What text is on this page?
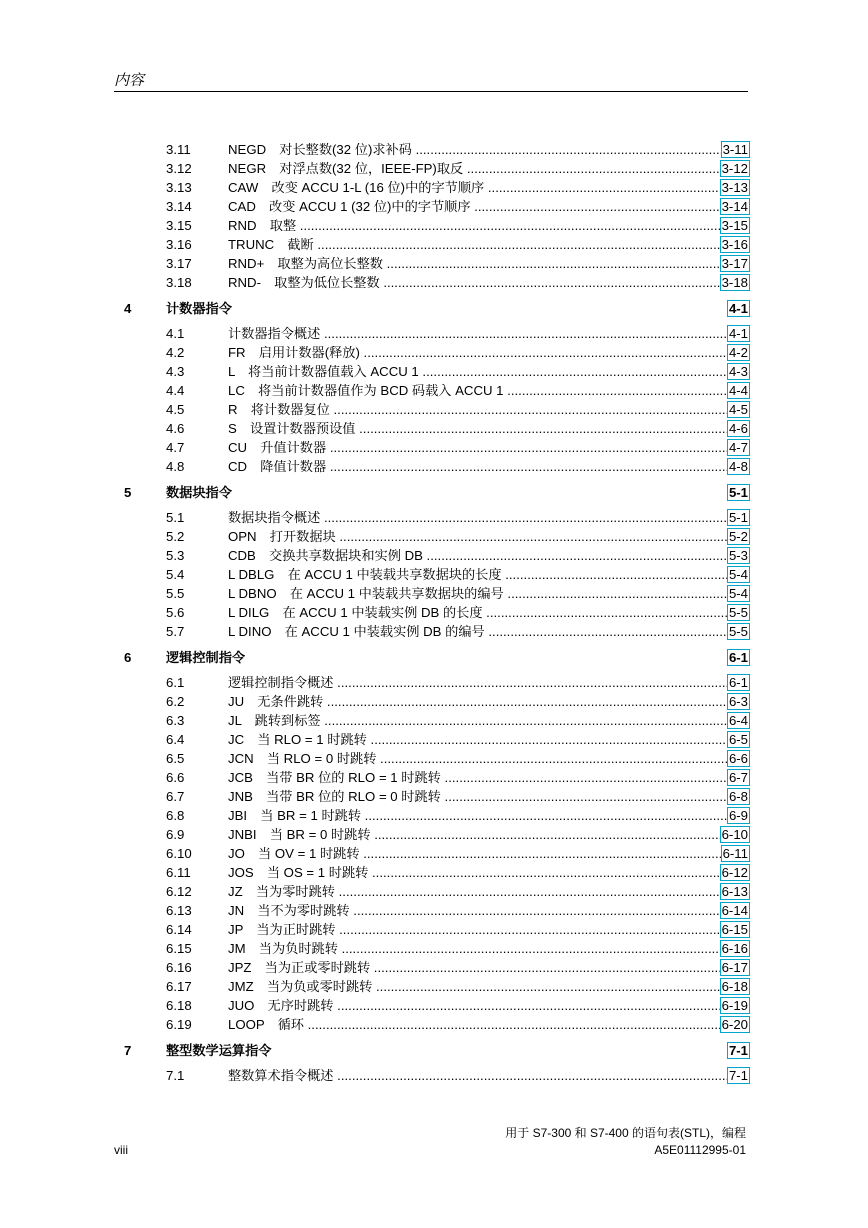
内容
3.11	NEGD　对长整数(32 位)求补码 .....	3-11
3.12	NEGR　对浮点数(32 位，IEEE-FP)取反 .....	3-12
3.13	CAW　改变 ACCU 1-L (16 位)中的字节顺序 .....	3-13
3.14	CAD　改变 ACCU 1 (32 位)中的字节顺序 .....	3-14
3.15	RND　取整 .....	3-15
3.16	TRUNC　截断 .....	3-16
3.17	RND+　取整为高位长整数 .....	3-17
3.18	RND-　取整为低位长整数 .....	3-18
4	计数器指令	4-1
4.1	计数器指令概述 .....	4-1
4.2	FR　启用计数器(释放) .....	4-2
4.3	L　将当前计数器值载入 ACCU 1 .....	4-3
4.4	LC　将当前计数器值作为 BCD 码载入 ACCU 1 .....	4-4
4.5	R　将计数器复位 .....	4-5
4.6	S　设置计数器预设值 .....	4-6
4.7	CU　升值计数器 .....	4-7
4.8	CD　降值计数器 .....	4-8
5	数据块指令	5-1
5.1	数据块指令概述 .....	5-1
5.2	OPN　打开数据块 .....	5-2
5.3	CDB　交换共享数据块和实例 DB .....	5-3
5.4	L DBLG　在 ACCU 1 中装载共享数据块的长度 .....	5-4
5.5	L DBNO　在 ACCU 1 中装载共享数据块的编号 .....	5-4
5.6	L DILG　在 ACCU 1 中装载实例 DB 的长度 .....	5-5
5.7	L DINO　在 ACCU 1 中装载实例 DB 的编号 .....	5-5
6	逻辑控制指令	6-1
6.1	逻辑控制指令概述 .....	6-1
6.2	JU　无条件跳转 .....	6-3
6.3	JL　跳转到标签 .....	6-4
6.4	JC　当 RLO = 1 时跳转 .....	6-5
6.5	JCN　当 RLO = 0 时跳转 .....	6-6
6.6	JCB　当带 BR 位的 RLO = 1 时跳转 .....	6-7
6.7	JNB　当带 BR 位的 RLO = 0 时跳转 .....	6-8
6.8	JBI　当 BR = 1 时跳转 .....	6-9
6.9	JNBI　当 BR = 0 时跳转 .....	6-10
6.10	JO　当 OV = 1 时跳转 .....	6-11
6.11	JOS　当 OS = 1 时跳转 .....	6-12
6.12	JZ　当为零时跳转 .....	6-13
6.13	JN　当不为零时跳转 .....	6-14
6.14	JP　当为正时跳转 .....	6-15
6.15	JM　当为负时跳转 .....	6-16
6.16	JPZ　当为正或零时跳转 .....	6-17
6.17	JMZ　当为负或零时跳转 .....	6-18
6.18	JUO　无序时跳转 .....	6-19
6.19	LOOP　循环 .....	6-20
7	整型数学运算指令	7-1
7.1	整数算术指令概述 .....	7-1
用于 S7-300 和 S7-400 的语句表(STL)，编程
viii	A5E01112995-01
